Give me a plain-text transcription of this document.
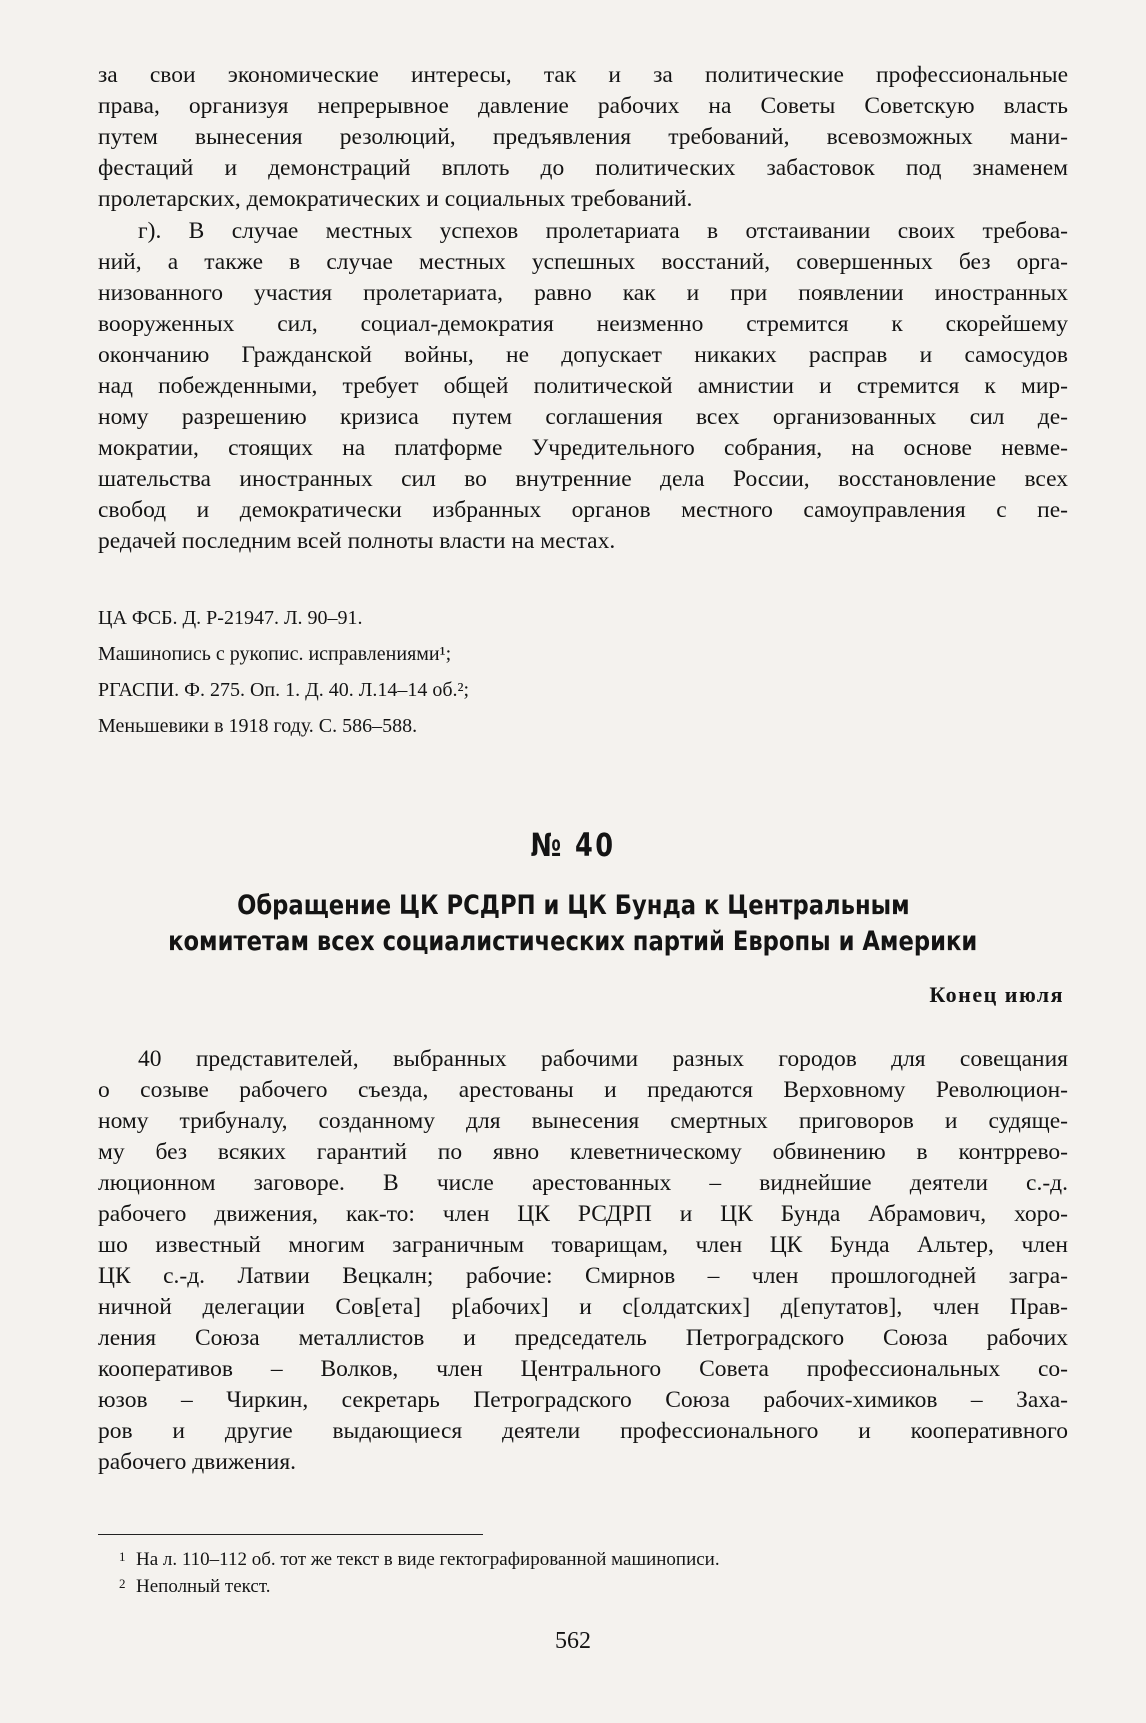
за свои экономические интересы, так и за политические профессиональные
права, организуя непрерывное давление рабочих на Советы Советскую власть
путем вынесения резолюций, предъявления требований, всевозможных мани-
фестаций и демонстраций вплоть до политических забастовок под знаменем
пролетарских, демократических и социальных требований.
г). В случае местных успехов пролетариата в отстаивании своих требова-
ний, а также в случае местных успешных восстаний, совершенных без орга-
низованного участия пролетариата, равно как и при появлении иностранных
вооруженных сил, социал-демократия неизменно стремится к скорейшему
окончанию Гражданской войны, не допускает никаких расправ и самосудов
над побежденными, требует общей политической амнистии и стремится к мир-
ному разрешению кризиса путем соглашения всех организованных сил де-
мократии, стоящих на платформе Учредительного собрания, на основе невме-
шательства иностранных сил во внутренние дела России, восстановление всех
свобод и демократически избранных органов местного самоуправления с пе-
редачей последним всей полноты власти на местах.
ЦА ФСБ. Д. Р-21947. Л. 90–91.
Машинопись с рукопис. исправлениями¹;
РГАСПИ. Ф. 275. Оп. 1. Д. 40. Л.14–14 об.²;
Меньшевики в 1918 году. С. 586–588.
№ 40
Обращение ЦК РСДРП и ЦК Бунда к Центральным
комитетам всех социалистических партий Европы и Америки
Конец июля
40 представителей, выбранных рабочими разных городов для совещания
о созыве рабочего съезда, арестованы и предаются Верховному Революцион-
ному трибуналу, созданному для вынесения смертных приговоров и судяще-
му без всяких гарантий по явно клеветническому обвинению в контррево-
люционном заговоре. В числе арестованных – виднейшие деятели с.-д.
рабочего движения, как-то: член ЦК РСДРП и ЦК Бунда Абрамович, хоро-
шо известный многим заграничным товарищам, член ЦК Бунда Альтер, член
ЦК с.-д. Латвии Вецкалн; рабочие: Смирнов – член прошлогодней загра-
ничной делегации Сов[ета] р[абочих] и с[олдатских] д[епутатов], член Прав-
ления Союза металлистов и председатель Петроградского Союза рабочих
кооперативов – Волков, член Центрального Совета профессиональных со-
юзов – Чиркин, секретарь Петроградского Союза рабочих-химиков – Заха-
ров и другие выдающиеся деятели профессионального и кооперативного
рабочего движения.
1 На л. 110–112 об. тот же текст в виде гектографированной машинописи.
2 Неполный текст.
562
